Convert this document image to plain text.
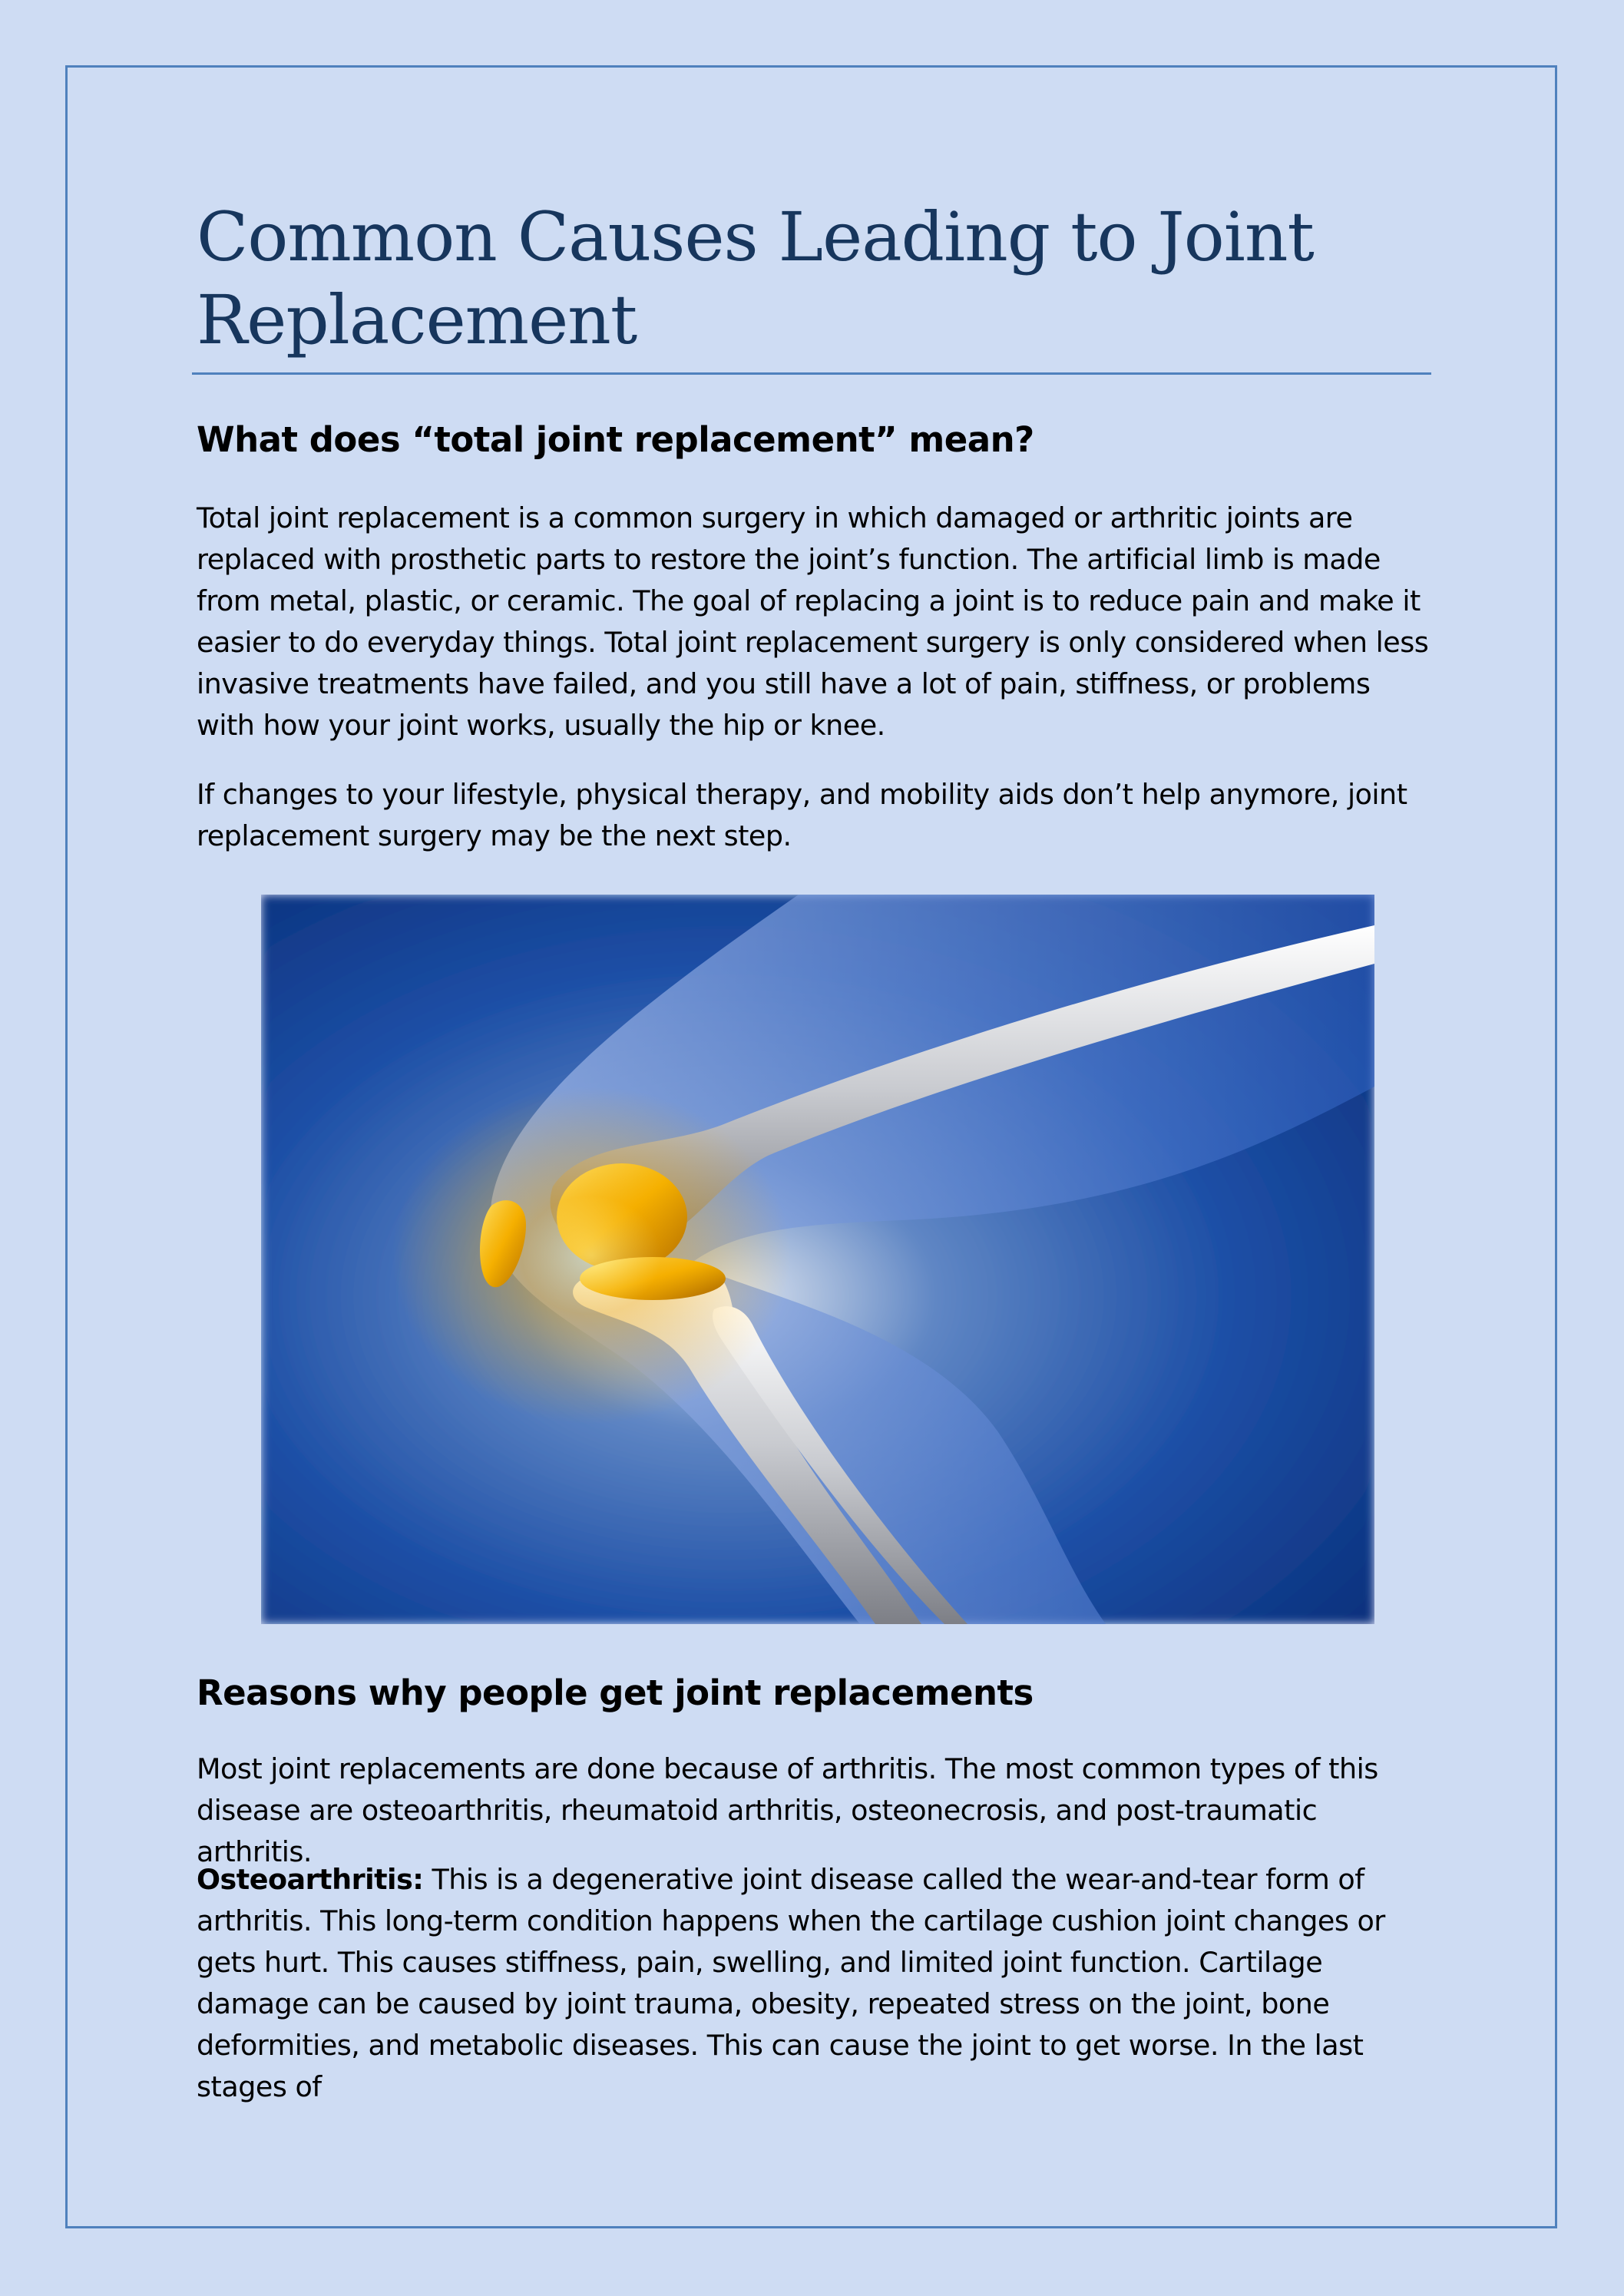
Common Causes Leading to Joint Replacement
What does “total joint replacement” mean?

Total joint replacement is a common surgery in which damaged or arthritic joints are replaced with prosthetic parts to restore the joint’s function. The artificial limb is made from metal, plastic, or ceramic. The goal of replacing a joint is to reduce pain and make it easier to do everyday things. Total joint replacement surgery is only considered when less invasive treatments have failed, and you still have a lot of pain, stiffness, or problems with how your joint works, usually the hip or knee.

If changes to your lifestyle, physical therapy, and mobility aids don’t help anymore, joint replacement surgery may be the next step.

Reasons why people get joint replacements

Most joint replacements are done because of arthritis. The most common types of this disease are osteoarthritis, rheumatoid arthritis, osteonecrosis, and post-traumatic arthritis.

Osteoarthritis: This is a degenerative joint disease called the wear-and-tear form of arthritis. This long-term condition happens when the cartilage cushion joint changes or gets hurt. This causes stiffness, pain, swelling, and limited joint function. Cartilage damage can be caused by joint trauma, obesity, repeated stress on the joint, bone deformities, and metabolic diseases. This can cause the joint to get worse. In the last stages of
